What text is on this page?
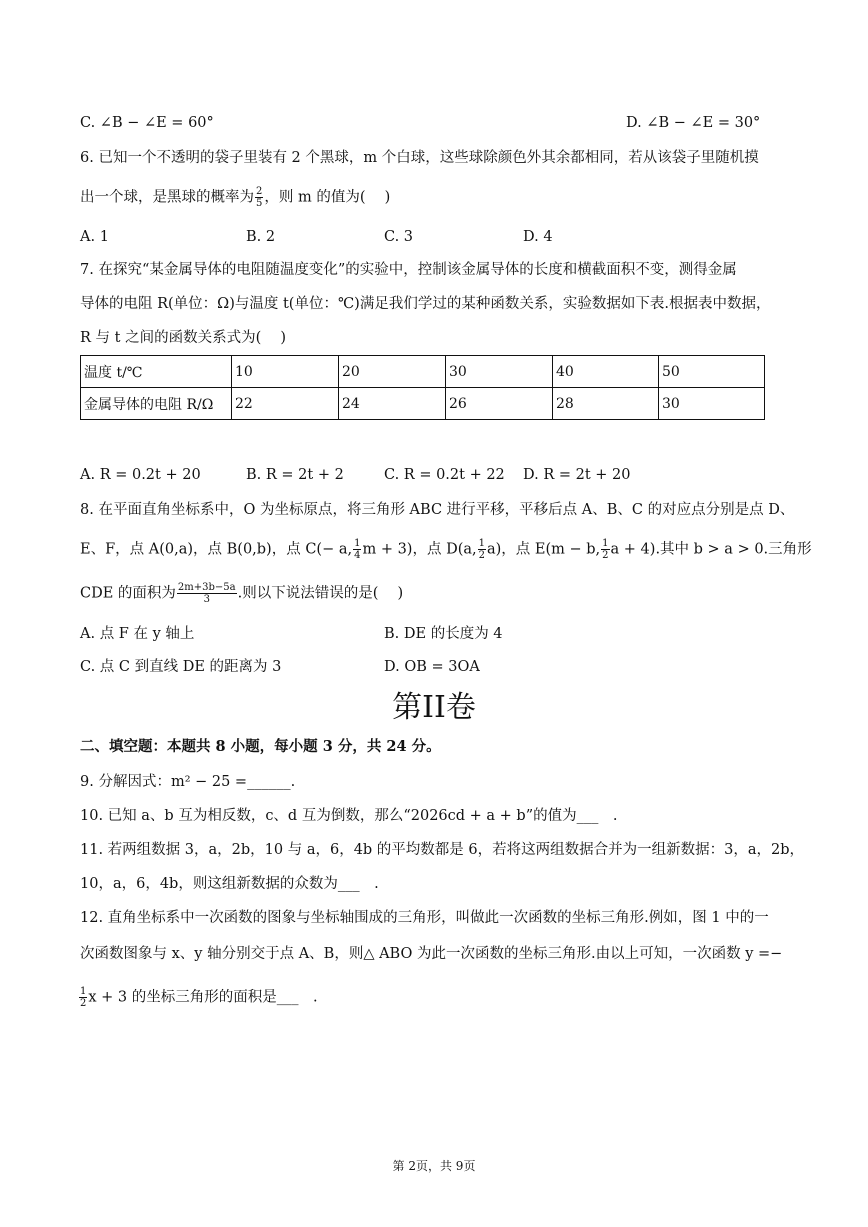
C. ∠B − ∠E = 60°	D. ∠B − ∠E = 30°
6. 已知一个不透明的袋子里装有 2 个黑球，m 个白球，这些球除颜色外其余都相同，若从该袋子里随机摸
出一个球，是黑球的概率为 $\frac{2}{5}$ ，则 m 的值为(　 )
A. 1	B. 2	C. 3	D. 4
7. 在探究“某金属导体的电阻随温度变化”的实验中，控制该金属导体的长度和横截面积不变，测得金属
导体的电阻 R(单位：Ω)与温度 t(单位：℃)满足我们学过的某种函数关系，实验数据如下表.根据表中数据，
R 与 t 之间的函数关系式为(　 )
温度 t/℃	10	20	30	40	50
金属导体的电阻 R/Ω	22	24	26	28	30
A. R = 0.2t + 20	B. R = 2t + 2	C. R = 0.2t + 22 D. R = 2t + 20
8. 在平面直角坐标系中，O 为坐标原点，将三角形 ABC 进行平移，平移后点 A、B、C 的对应点分别是点 D、
E、F，点 A(0,a)，点 B(0,b)，点 C(− a, $\frac{1}{4}$ m + 3)，点 D(a, $\frac{1}{2} a$)，点 E(m − b, $\frac{1}{2}$ a + 4).其中 b > a > 0.三角形
CDE 的面积为 $\frac{2m+3b-5a}{3}$ .则以下说法错误的是(　 )
A. 点 F 在 y 轴上	B. DE 的长度为 4
C. 点 C 到直线 DE 的距离为 3	D. OB = 3OA
第II卷
二、填空题：本题共 8 小题，每小题 3 分，共 24 分。
9. 分解因式：m² − 25 =______.
10. 已知 a、b 互为相反数，c、d 互为倒数，那么“2026cd + a + b”的值为___　.
11. 若两组数据 3，a，2b，10 与 a，6，4b 的平均数都是 6，若将这两组数据合并为一组新数据：3，a，2b，
10，a，6，4b，则这组新数据的众数为___　.
12. 直角坐标系中一次函数的图象与坐标轴围成的三角形，叫做此一次函数的坐标三角形.例如，图 1 中的一
次函数图象与 x、y 轴分别交于点 A、B，则△ ABO 为此一次函数的坐标三角形.由以上可知，一次函数 y =−
$\frac{1}{2}$ x + 3 的坐标三角形的面积是___　.
第 2页，共 9页
